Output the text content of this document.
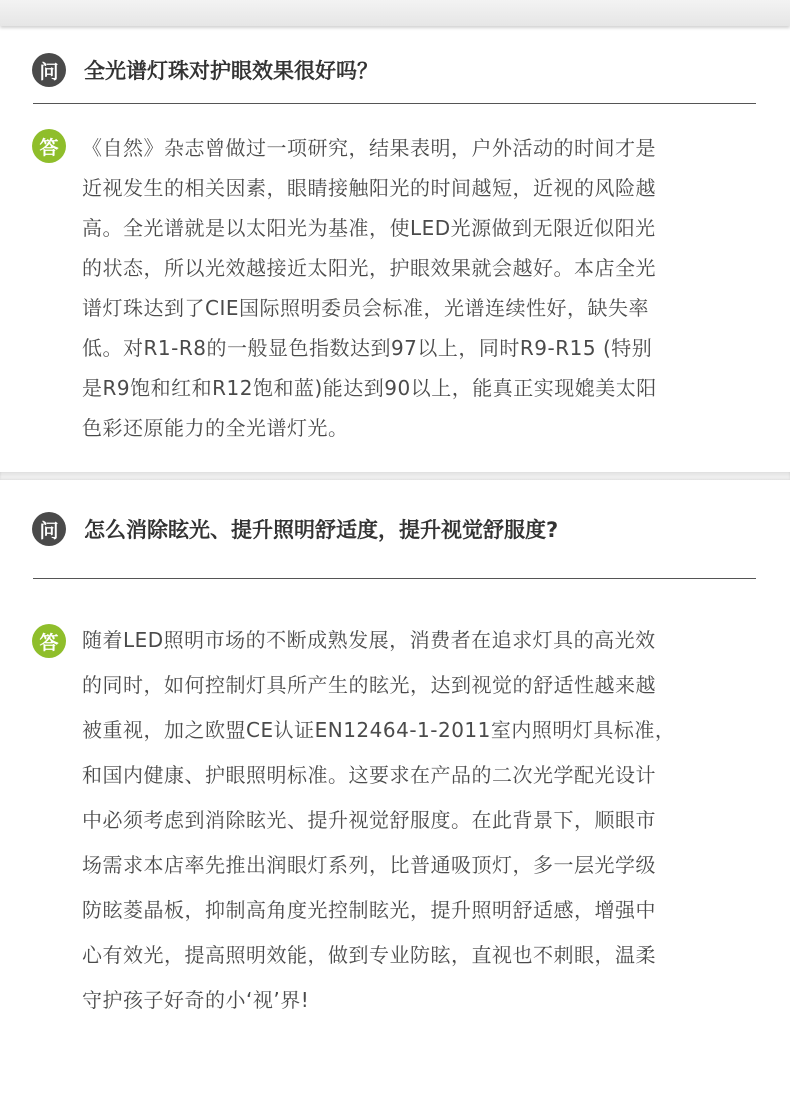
问	全光谱灯珠对护眼效果很好吗？
答	《自然》杂志曾做过一项研究，结果表明，户外活动的时间才是
近视发生的相关因素，眼睛接触阳光的时间越短，近视的风险越
高。全光谱就是以太阳光为基准，使LED光源做到无限近似阳光
的状态，所以光效越接近太阳光，护眼效果就会越好。本店全光
谱灯珠达到了CIE国际照明委员会标准，光谱连续性好，缺失率
低。对R1-R8的一般显色指数达到97以上，同时R9-R15 (特别
是R9饱和红和R12饱和蓝)能达到90以上，能真正实现媲美太阳
色彩还原能力的全光谱灯光。
问	怎么消除眩光、提升照明舒适度，提升视觉舒服度?
答	随着LED照明市场的不断成熟发展，消费者在追求灯具的高光效
的同时，如何控制灯具所产生的眩光，达到视觉的舒适性越来越
被重视，加之欧盟CE认证EN12464-1-2011室内照明灯具标准，
和国内健康、护眼照明标准。这要求在产品的二次光学配光设计
中必须考虑到消除眩光、提升视觉舒服度。在此背景下，顺眼市
场需求本店率先推出润眼灯系列，比普通吸顶灯，多一层光学级
防眩菱晶板，抑制高角度光控制眩光，提升照明舒适感，增强中
心有效光，提高照明效能，做到专业防眩，直视也不刺眼，温柔
守护孩子好奇的小‘视’界!
